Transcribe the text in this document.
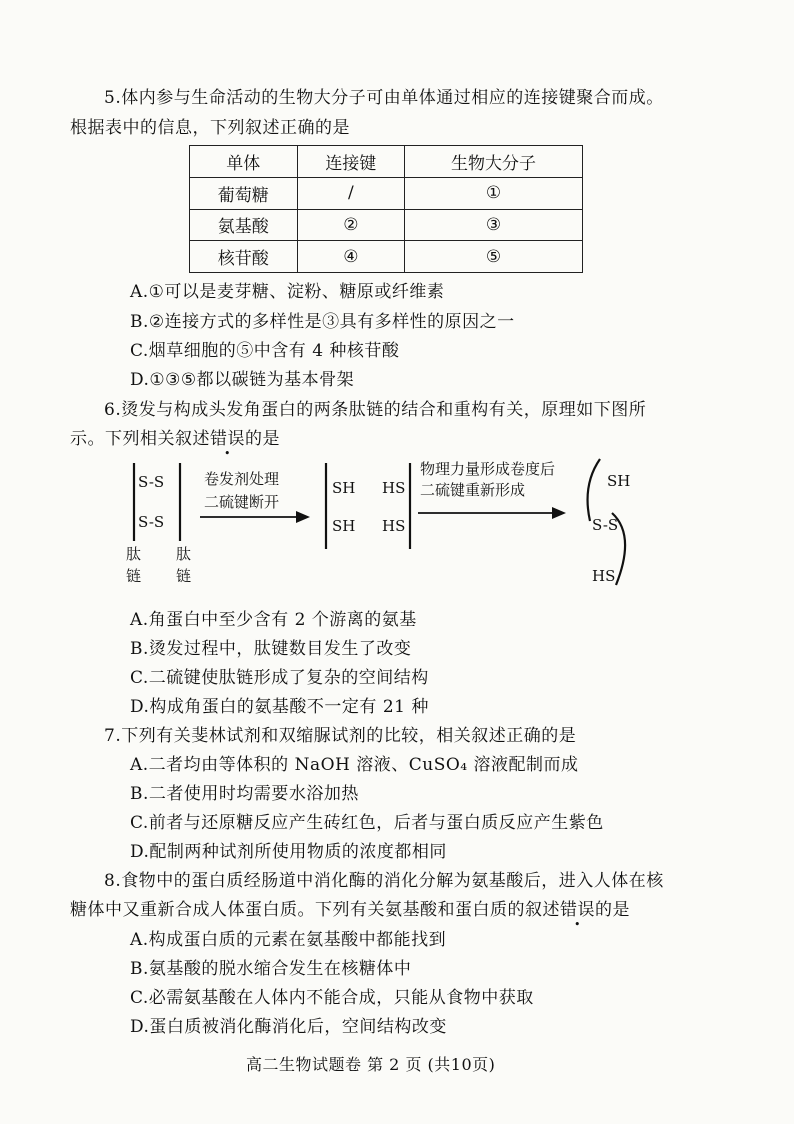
5.体内参与生命活动的生物大分子可由单体通过相应的连接键聚合而成。
根据表中的信息，下列叙述正确的是
单体	连接键	生物大分子
葡萄糖	/	①
氨基酸	②	③
核苷酸	④	⑤
A.①可以是麦芽糖、淀粉、糖原或纤维素
B.②连接方式的多样性是③具有多样性的原因之一
C.烟草细胞的⑤中含有 4 种核苷酸
D.①③⑤都以碳链为基本骨架
6.烫发与构成头发角蛋白的两条肽链的结合和重构有关，原理如下图所
示。下列相关叙述错误的是
S-S
S-S
肽
链
肽
链
卷发剂处理
二硫键断开
SH
SH
HS
HS
物理力量形成卷度后
二硫键重新形成	SH
S-S
HS
A.角蛋白中至少含有 2 个游离的氨基
B.烫发过程中，肽键数目发生了改变
C.二硫键使肽链形成了复杂的空间结构
D.构成角蛋白的氨基酸不一定有 21 种
7.下列有关斐林试剂和双缩脲试剂的比较，相关叙述正确的是
A.二者均由等体积的 NaOH 溶液、CuSO₄ 溶液配制而成
B.二者使用时均需要水浴加热
C.前者与还原糖反应产生砖红色，后者与蛋白质反应产生紫色
D.配制两种试剂所使用物质的浓度都相同
8.食物中的蛋白质经肠道中消化酶的消化分解为氨基酸后，进入人体在核
糖体中又重新合成人体蛋白质。下列有关氨基酸和蛋白质的叙述错误的是
A.构成蛋白质的元素在氨基酸中都能找到
B.氨基酸的脱水缩合发生在核糖体中
C.必需氨基酸在人体内不能合成，只能从食物中获取
D.蛋白质被消化酶消化后，空间结构改变
高二生物试题卷 第 2 页 (共10页)
